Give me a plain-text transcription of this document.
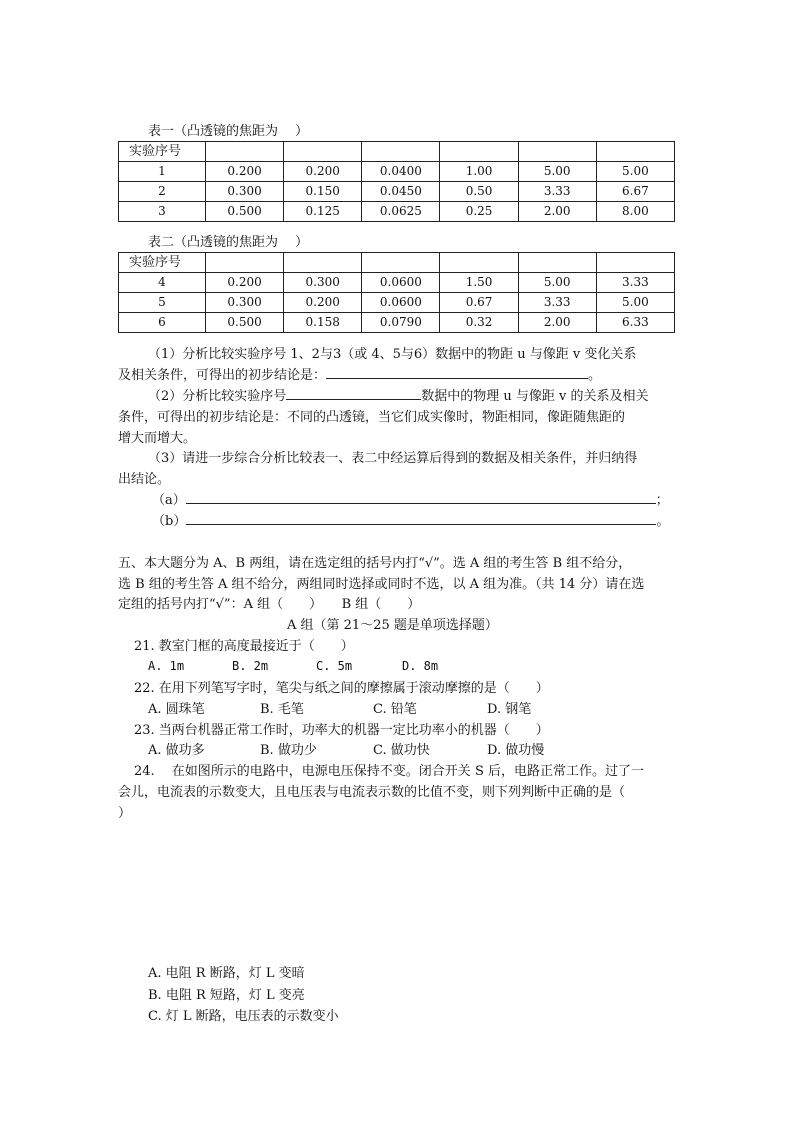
表一（凸透镜的焦距为　 ）
实验序号						
1	0.200	0.200	0.0400	1.00	5.00	5.00
2	0.300	0.150	0.0450	0.50	3.33	6.67
3	0.500	0.125	0.0625	0.25	2.00	8.00
表二（凸透镜的焦距为　 ）
实验序号						
4	0.200	0.300	0.0600	1.50	5.00	3.33
5	0.300	0.200	0.0600	0.67	3.33	5.00
6	0.500	0.158	0.0790	0.32	2.00	6.33
（1）分析比较实验序号 1、2与3（或 4、5与6）数据中的物距 u 与像距 v 变化关系
及相关条件，可得出的初步结论是：	。
（2）分析比较实验序号	数据中的物理 u 与像距 v 的关系及相关
条件，可得出的初步结论是：不同的凸透镜，当它们成实像时，物距相同，像距随焦距的
增大而增大。
（3）请进一步综合分析比较表一、表二中经运算后得到的数据及相关条件，并归纳得
出结论。
（a）	；
（b）	。
五、本大题分为 A、B 两组，请在选定组的括号内打“√”。选 A 组的考生答 B 组不给分，
选 B 组的考生答 A 组不给分，两组同时选择或同时不选，以 A 组为准。（共 14 分）请在选
定组的括号内打“√”：A 组（　　）　　B 组（　　）
A 组（第 21～25 题是单项选择题）
21. 教室门框的高度最接近于（　　）
A. 1m	B. 2m	C. 5m	D. 8m
22. 在用下列笔写字时，笔尖与纸之间的摩擦属于滚动摩擦的是（　　）
A. 圆珠笔	B. 毛笔	C. 铅笔	D. 钢笔
23. 当两台机器正常工作时，功率大的机器一定比功率小的机器（　　）
A. 做功多	B. 做功少	C. 做功快	D. 做功慢
24.　 在如图所示的电路中，电源电压保持不变。闭合开关 S 后，电路正常工作。过了一
会儿，电流表的示数变大，且电压表与电流表示数的比值不变，则下列判断中正确的是（
）
A. 电阻 R 断路，灯 L 变暗
B. 电阻 R 短路，灯 L 变亮
C. 灯 L 断路，电压表的示数变小
